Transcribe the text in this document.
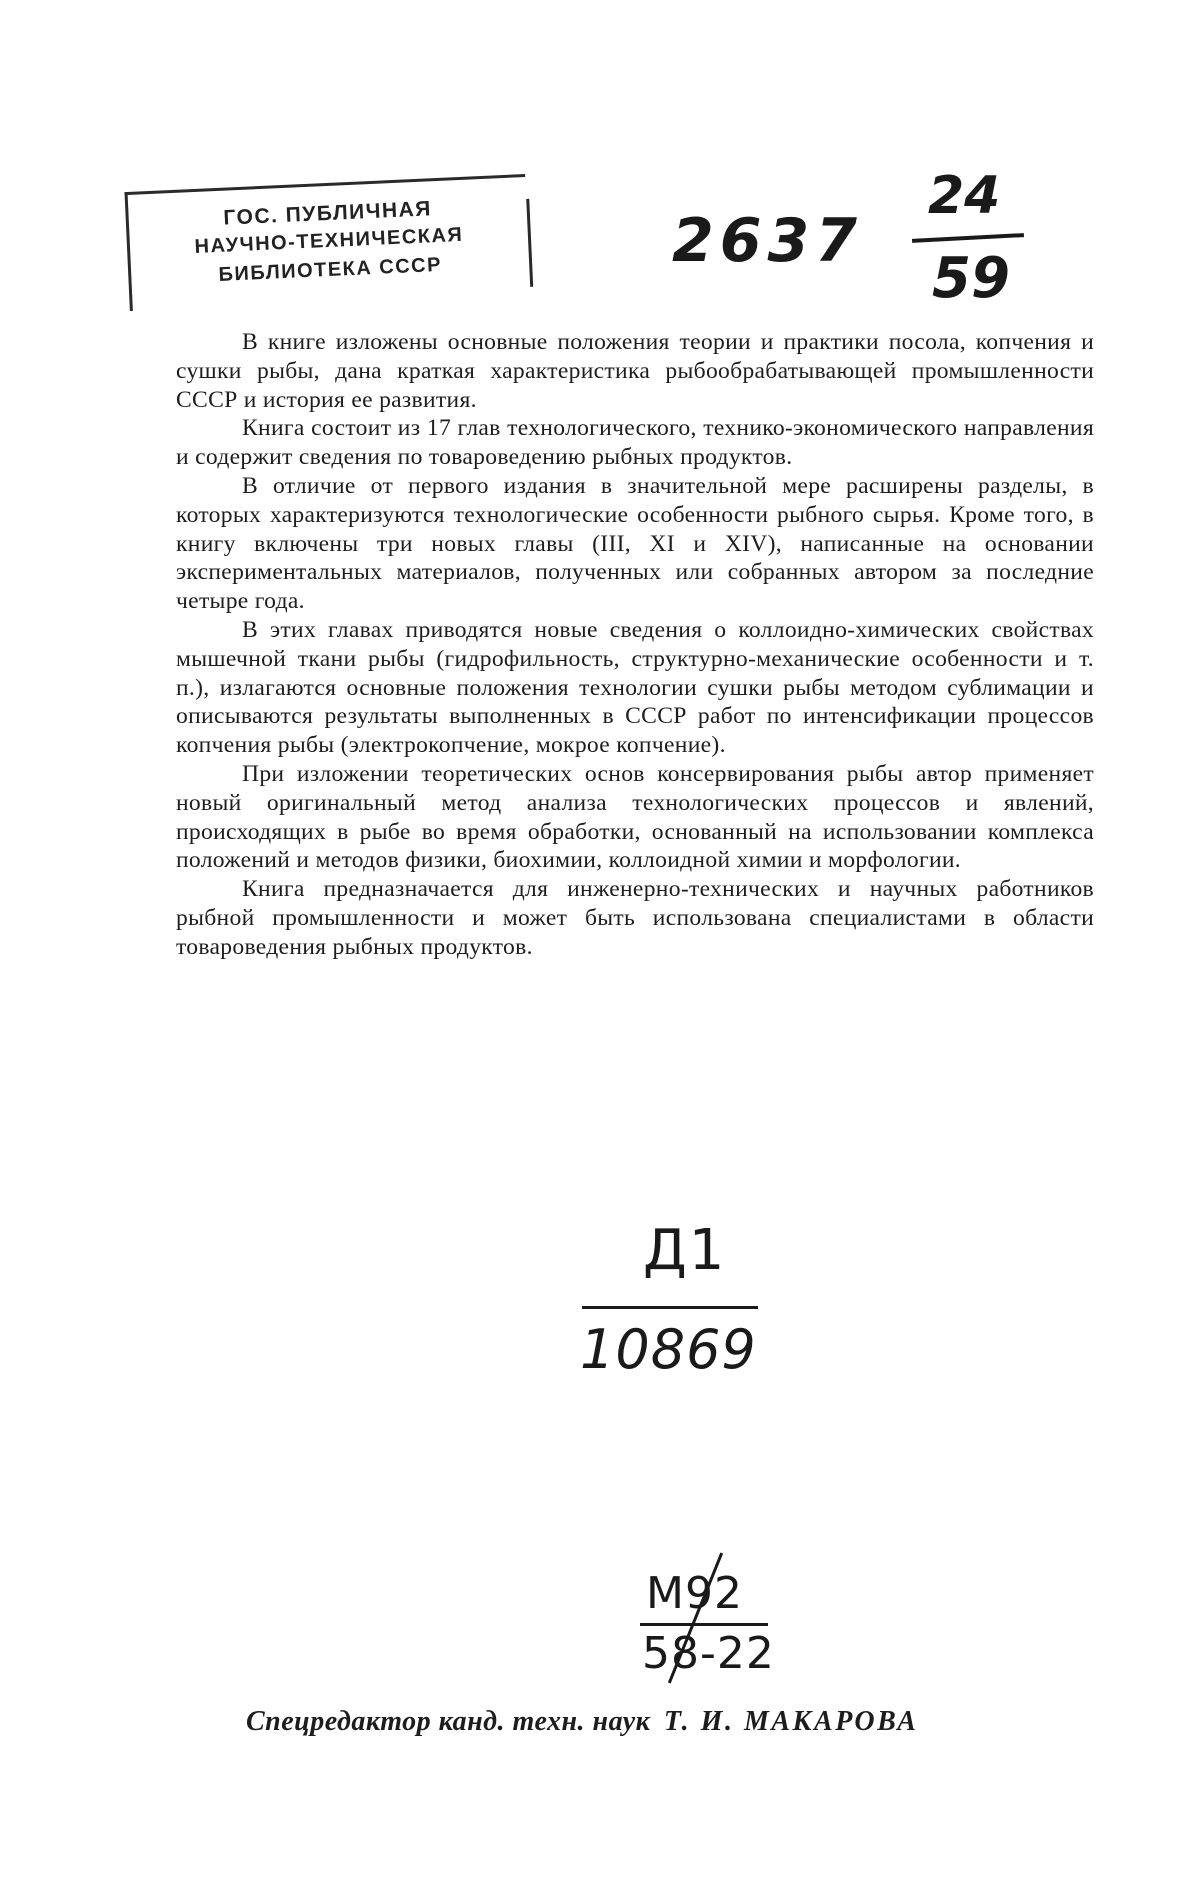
ГОС. ПУБЛИЧНАЯ
НАУЧНО-ТЕХНИЧЕСКАЯ
БИБЛИОТЕКА СССР	2637
24
59

В книге изложены основные положения теории и практики посола, копчения и сушки рыбы, дана краткая характеристика рыбообрабатывающей промышленности СССР и история ее развития.

Книга состоит из 17 глав технологического, технико-экономического направления и содержит сведения по товароведению рыбных продуктов.

В отличие от первого издания в значительной мере расширены разделы, в которых характеризуются технологические особенности рыбного сырья. Кроме того, в книгу включены три новых главы (III, XI и XIV), написанные на основании экспериментальных материалов, полученных или собранных автором за последние четыре года.

В этих главах приводятся новые сведения о коллоидно-химических свойствах мышечной ткани рыбы (гидрофильность, структурно-механические особенности и т. п.), излагаются основные положения технологии сушки рыбы методом сублимации и описываются результаты выполненных в СССР работ по интенсификации процессов копчения рыбы (электрокопчение, мокрое копчение).

При изложении теоретических основ консервирования рыбы автор применяет новый оригинальный метод анализа технологических процессов и явлений, происходящих в рыбе во время обработки, основанный на использовании комплекса положений и методов физики, биохимии, коллоидной химии и морфологии.

Книга предназначается для инженерно-технических и научных работников рыбной промышленности и может быть использована специалистами в области товароведения рыбных продуктов.

Д1
10869
М92
58-22
Спецредактор канд. техн. наук Т. И. МАКАРОВА
